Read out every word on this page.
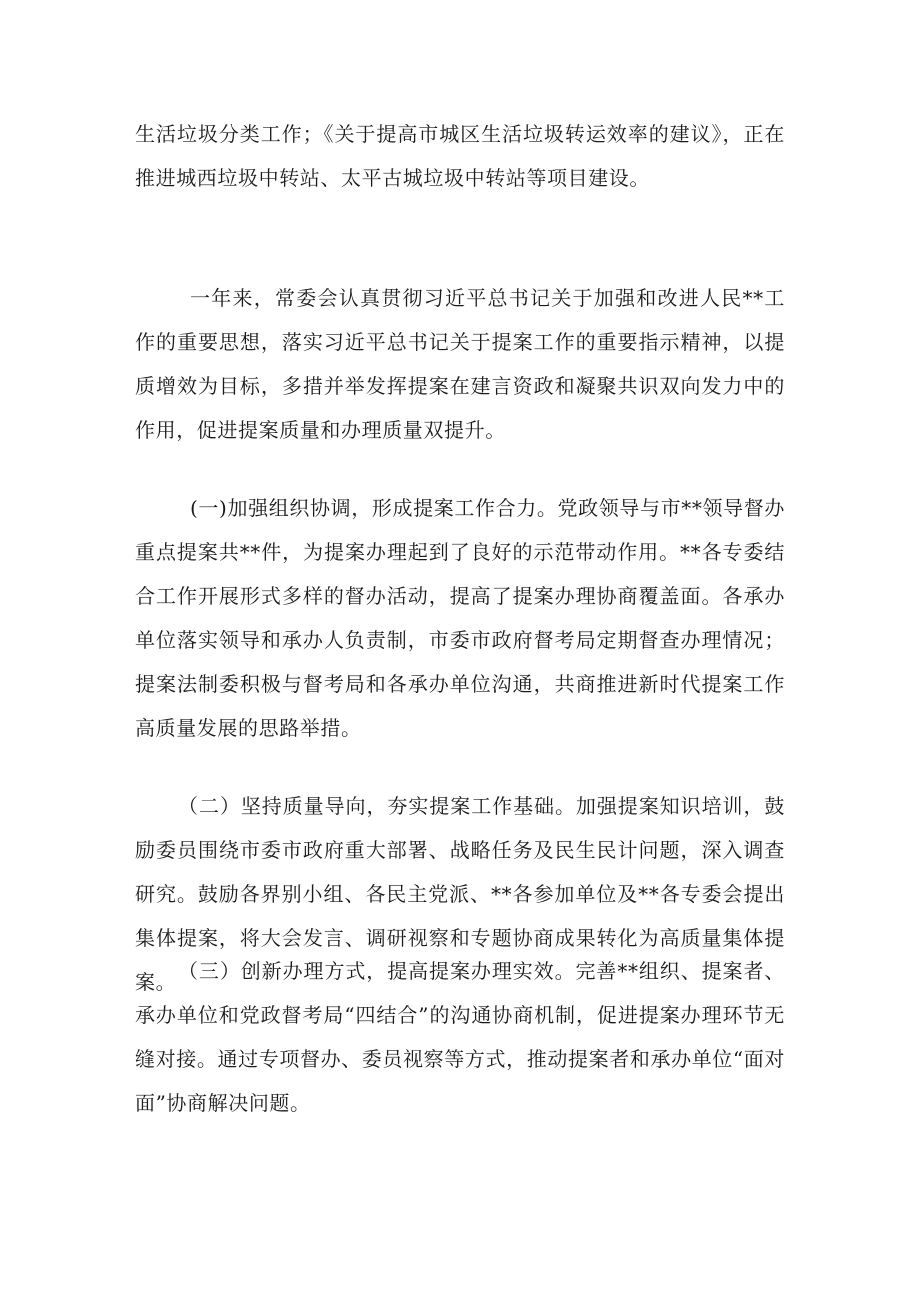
生活垃圾分类工作；《关于提高市城区生活垃圾转运效率的建议》，正在推进城西垃圾中转站、太平古城垃圾中转站等项目建设。

一年来，常委会认真贯彻习近平总书记关于加强和改进人民**工作的重要思想，落实习近平总书记关于提案工作的重要指示精神，以提质增效为目标，多措并举发挥提案在建言资政和凝聚共识双向发力中的作用，促进提案质量和办理质量双提升。

(一)加强组织协调，形成提案工作合力。党政领导与市**领导督办重点提案共**件，为提案办理起到了良好的示范带动作用。**各专委结合工作开展形式多样的督办活动，提高了提案办理协商覆盖面。各承办单位落实领导和承办人负责制，市委市政府督考局定期督查办理情况；提案法制委积极与督考局和各承办单位沟通，共商推进新时代提案工作高质量发展的思路举措。

（二）坚持质量导向，夯实提案工作基础。加强提案知识培训，鼓励委员围绕市委市政府重大部署、战略任务及民生民计问题，深入调查研究。鼓励各界别小组、各民主党派、**各参加单位及**各专委会提出集体提案，将大会发言、调研视察和专题协商成果转化为高质量集体提案。 （三）创新办理方式，提高提案办理实效。完善**组织、提案者、承办单位和党政督考局“四结合”的沟通协商机制，促进提案办理环节无缝对接。通过专项督办、委员视察等方式，推动提案者和承办单位“面对面”协商解决问题。
